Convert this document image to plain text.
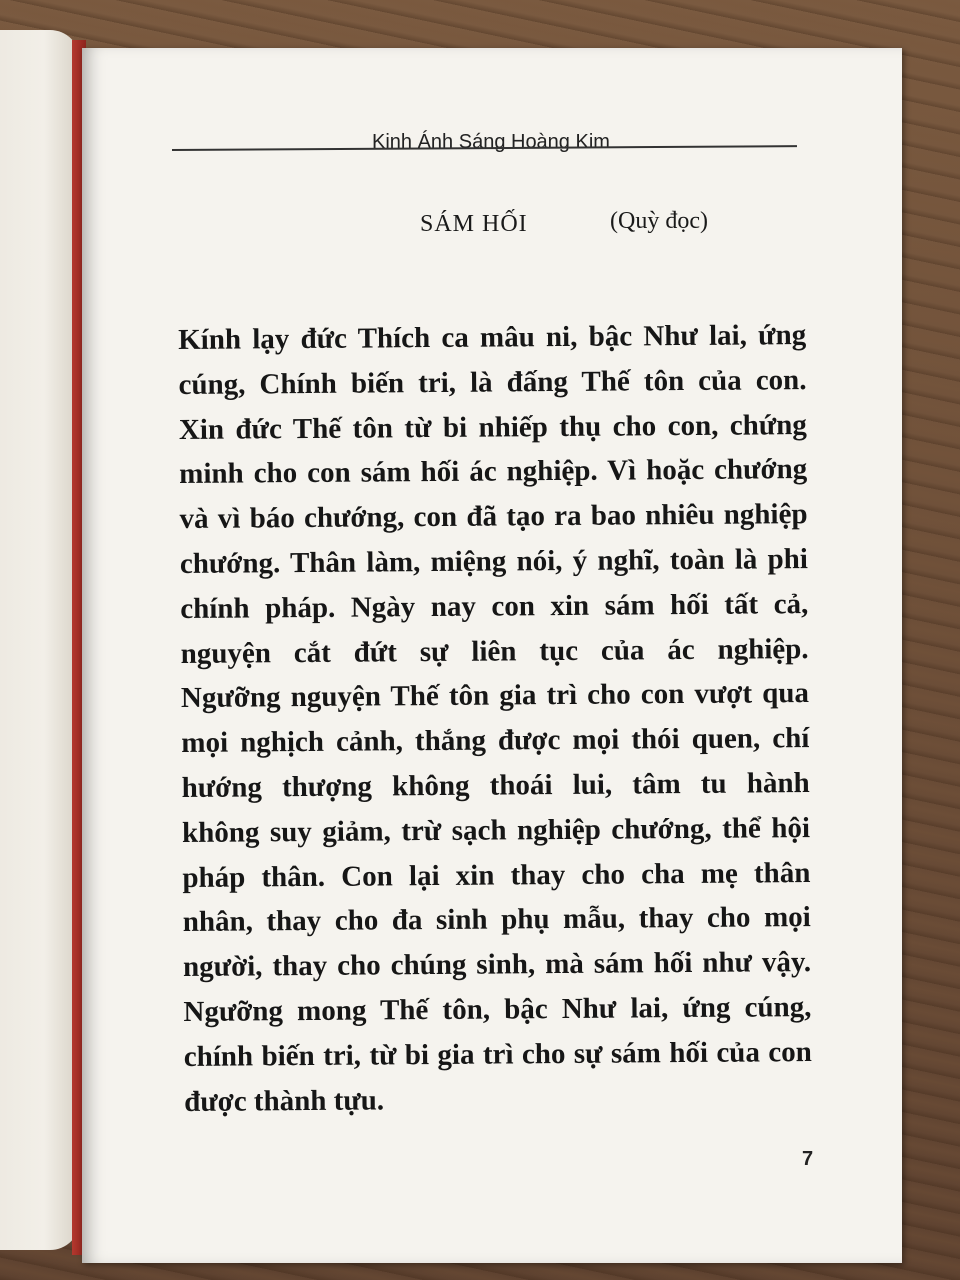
Kinh Ánh Sáng Hoàng Kim
SÁM HỐI	(Quỳ đọc)
Kính lạy đức Thích ca mâu ni, bậc Như lai, ứng
cúng, Chính biến tri, là đấng Thế tôn của con.
Xin đức Thế tôn từ bi nhiếp thụ cho con, chứng
minh cho con sám hối ác nghiệp. Vì hoặc chướng
và vì báo chướng, con đã tạo ra bao nhiêu nghiệp
chướng. Thân làm, miệng nói, ý nghĩ, toàn là phi
chính pháp. Ngày nay con xin sám hối tất cả,
nguyện cắt đứt sự liên tục của ác nghiệp.
Ngưỡng nguyện Thế tôn gia trì cho con vượt qua
mọi nghịch cảnh, thắng được mọi thói quen, chí
hướng thượng không thoái lui, tâm tu hành
không suy giảm, trừ sạch nghiệp chướng, thể hội
pháp thân. Con lại xin thay cho cha mẹ thân
nhân, thay cho đa sinh phụ mẫu, thay cho mọi
người, thay cho chúng sinh, mà sám hối như vậy.
Ngưỡng mong Thế tôn, bậc Như lai, ứng cúng,
chính biến tri, từ bi gia trì cho sự sám hối của con
được thành tựu.
7
